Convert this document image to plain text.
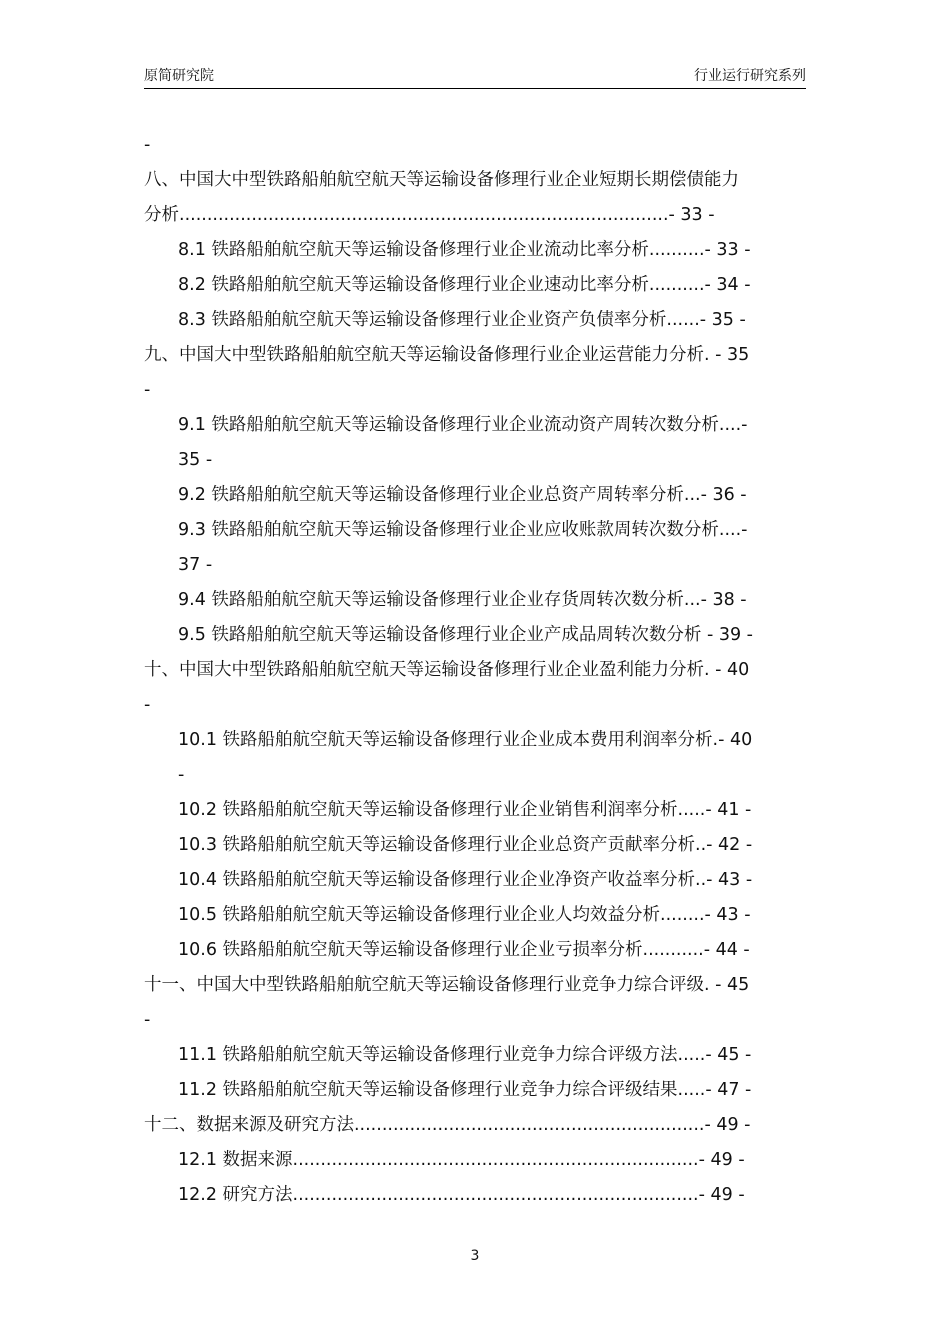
原简研究院	行业运行研究系列
-
八、中国大中型铁路船舶航空航天等运输设备修理行业企业短期长期偿债能力
分析........................................................................................- 33 -
8.1 铁路船舶航空航天等运输设备修理行业企业流动比率分析..........- 33 -
8.2 铁路船舶航空航天等运输设备修理行业企业速动比率分析..........- 34 -
8.3 铁路船舶航空航天等运输设备修理行业企业资产负债率分析......- 35 -
九、中国大中型铁路船舶航空航天等运输设备修理行业企业运营能力分析. - 35
-
9.1 铁路船舶航空航天等运输设备修理行业企业流动资产周转次数分析....-
35 -
9.2 铁路船舶航空航天等运输设备修理行业企业总资产周转率分析...- 36 -
9.3 铁路船舶航空航天等运输设备修理行业企业应收账款周转次数分析....-
37 -
9.4 铁路船舶航空航天等运输设备修理行业企业存货周转次数分析...- 38 -
9.5 铁路船舶航空航天等运输设备修理行业企业产成品周转次数分析 - 39 -
十、中国大中型铁路船舶航空航天等运输设备修理行业企业盈利能力分析. - 40
-
10.1 铁路船舶航空航天等运输设备修理行业企业成本费用利润率分析.- 40
-
10.2 铁路船舶航空航天等运输设备修理行业企业销售利润率分析.....- 41 -
10.3 铁路船舶航空航天等运输设备修理行业企业总资产贡献率分析..- 42 -
10.4 铁路船舶航空航天等运输设备修理行业企业净资产收益率分析..- 43 -
10.5 铁路船舶航空航天等运输设备修理行业企业人均效益分析........- 43 -
10.6 铁路船舶航空航天等运输设备修理行业企业亏损率分析...........- 44 -
十一、中国大中型铁路船舶航空航天等运输设备修理行业竞争力综合评级. - 45
-
11.1 铁路船舶航空航天等运输设备修理行业竞争力综合评级方法.....- 45 -
11.2 铁路船舶航空航天等运输设备修理行业竞争力综合评级结果.....- 47 -
十二、数据来源及研究方法...............................................................- 49 -
12.1 数据来源.........................................................................- 49 -
12.2 研究方法.........................................................................- 49 -
3
